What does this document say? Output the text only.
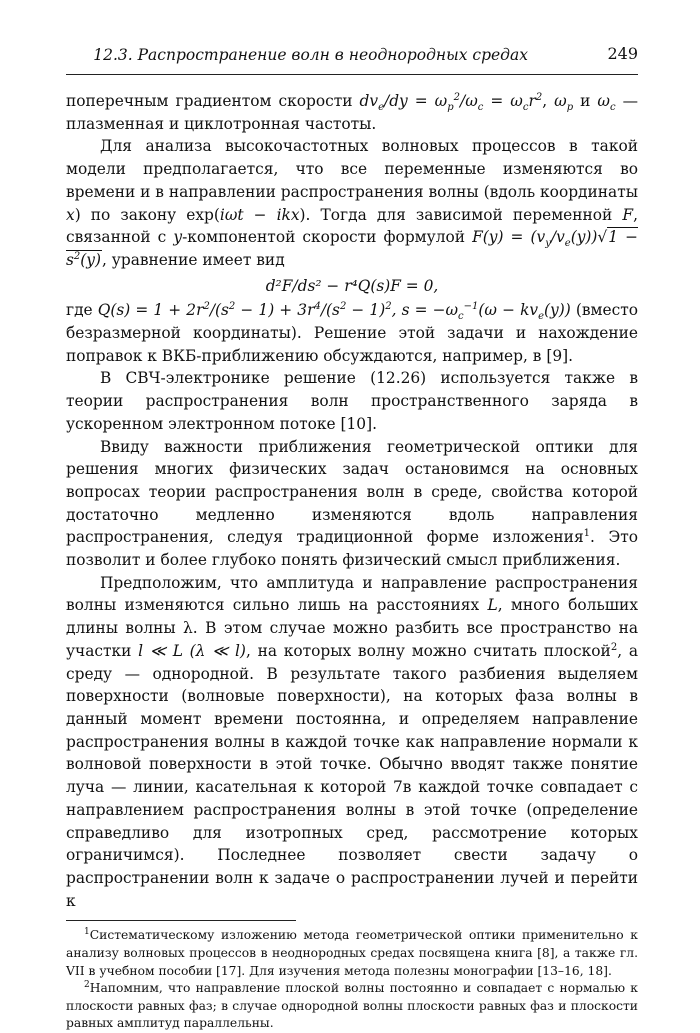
12.3. Распространение волн в неоднородных средах	249

поперечным градиентом скорости $dv_e/dy = \omega_p^2/\omega_c = \omega_cr^2$, $\omega_p$ и $\omega_c$ — плазменная и циклотронная частоты.

Для анализа высокочастотных волновых процессов в такой модели предполагается, что все переменные изменяются во времени и в направлении распространения волны (вдоль координаты x) по закону exp(iωt − ikx). Тогда для зависимой переменной F, связанной с y-компонентой скорости формулой $F(y) = (v_y/v_e(y))√1 - s^2(y)$, уравнение имеет вид

d²F/ds² − r⁴Q(s)F = 0,

где $Q(s) = 1 + 2r^2/(s^2 - 1) + 3r^4/(s^2 - 1)^2$, $s = -\omega_c^{-1}(\omega - kv_e(y))$ (вместо безразмерной координаты). Решение этой задачи и нахождение поправок к ВКБ-приближению обсуждаются, например, в [9].

В СВЧ-электронике решение (12.26) используется также в теории распространения волн пространственного заряда в ускоренном электронном потоке [10].

Ввиду важности приближения геометрической оптики для решения многих физических задач остановимся на основных вопросах теории распространения волн в среде, свойства которой достаточно медленно изменяются вдоль направления распространения, следуя традиционной форме изложения$^1$. Это позволит и более глубоко понять физический смысл приближения.

Предположим, что амплитуда и направление распространения волны изменяются сильно лишь на расстояниях L, много больших длины волны λ. В этом случае можно разбить все пространство на участки l ≪ L (λ ≪ l), на которых волну можно считать плоской$^2$, а среду — однородной. В результате такого разбиения выделяем поверхности (волновые поверхности), на которых фаза волны в данный момент времени постоянна, и определяем направление распространения волны в каждой точке как направление нормали к волновой поверхности в этой точке. Обычно вводят также понятие луча — линии, касательная к которой 7в каждой точке совпадает с направлением распространения волны в этой точке (определение справедливо для изотропных сред, рассмотрение которых ограничимся). Последнее позволяет свести задачу о распространении волн к задаче о распространении лучей и перейти к

$^1$Систематическому изложению метода геометрической оптики применительно к анализу волновых процессов в неоднородных средах посвящена книга [8], а также гл. VII в учебном пособии [17]. Для изучения метода полезны монографии [13–16, 18].

$^2$Напомним, что направление плоской волны постоянно и совпадает с нормалью к плоскости равных фаз; в случае однородной волны плоскости равных фаз и плоскости равных амплитуд параллельны.
